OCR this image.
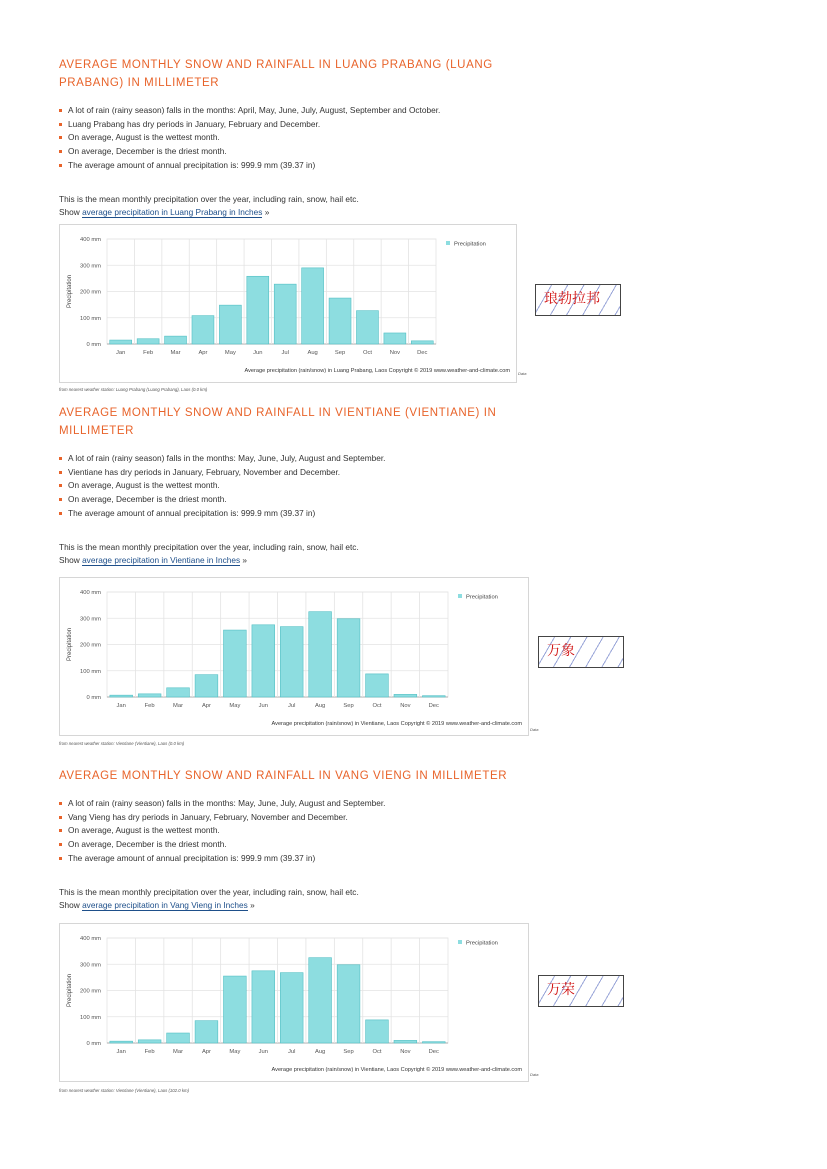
AVERAGE MONTHLY SNOW AND RAINFALL IN LUANG PRABANG (LUANG PRABANG) IN MILLIMETER
A lot of rain (rainy season) falls in the months: April, May, June, July, August, September and October.
Luang Prabang has dry periods in January, February and December.
On average, August is the wettest month.
On average, December is the driest month.
The average amount of annual precipitation is: 999.9 mm (39.37 in)

This is the mean monthly precipitation over the year, including rain, snow, hail etc.

Show average precipitation in Luang Prabang in Inches »
0 mm
100 mm
200 mm
300 mm
400 mm
Precipitation
Jan	Feb	Mar	Apr	May	Jun	Jul	Aug	Sep	Oct	Nov	Dec
Precipitation
Average precipitation (rain/snow) in Luang Prabang, Laos Copyright © 2019 www.weather-and-climate.com Data
from nearest weather station: Luang Prabang (Luang Prabang), Laos (0.0 km)
琅勃拉邦
AVERAGE MONTHLY SNOW AND RAINFALL IN VIENTIANE (VIENTIANE) IN MILLIMETER
A lot of rain (rainy season) falls in the months: May, June, July, August and September.
Vientiane has dry periods in January, February, November and December.
On average, August is the wettest month.
On average, December is the driest month.
The average amount of annual precipitation is: 999.9 mm (39.37 in)

This is the mean monthly precipitation over the year, including rain, snow, hail etc.

Show average precipitation in Vientiane in Inches »
0 mm
100 mm
200 mm
300 mm
400 mm
Precipitation
Jan	Feb	Mar	Apr	May	Jun	Jul	Aug	Sep	Oct	Nov	Dec
Precipitation
Average precipitation (rain/snow) in Vientiane, Laos Copyright © 2019 www.weather-and-climate.com
Data
from nearest weather station: Vientiane (Vientiane), Laos (0.0 km)
万象
AVERAGE MONTHLY SNOW AND RAINFALL IN VANG VIENG IN MILLIMETER
A lot of rain (rainy season) falls in the months: May, June, July, August and September.
Vang Vieng has dry periods in January, February, November and December.
On average, August is the wettest month.
On average, December is the driest month.
The average amount of annual precipitation is: 999.9 mm (39.37 in)

This is the mean monthly precipitation over the year, including rain, snow, hail etc.

Show average precipitation in Vang Vieng in Inches »
0 mm
100 mm
200 mm
300 mm
400 mm
Precipitation
Jan	Feb	Mar	Apr	May	Jun	Jul	Aug	Sep	Oct	Nov	Dec
Precipitation
Average precipitation (rain/snow) in Vientiane, Laos Copyright © 2019 www.weather-and-climate.com
Data
from nearest weather station: Vientiane (Vientiane), Laos (102.0 km)
万荣
